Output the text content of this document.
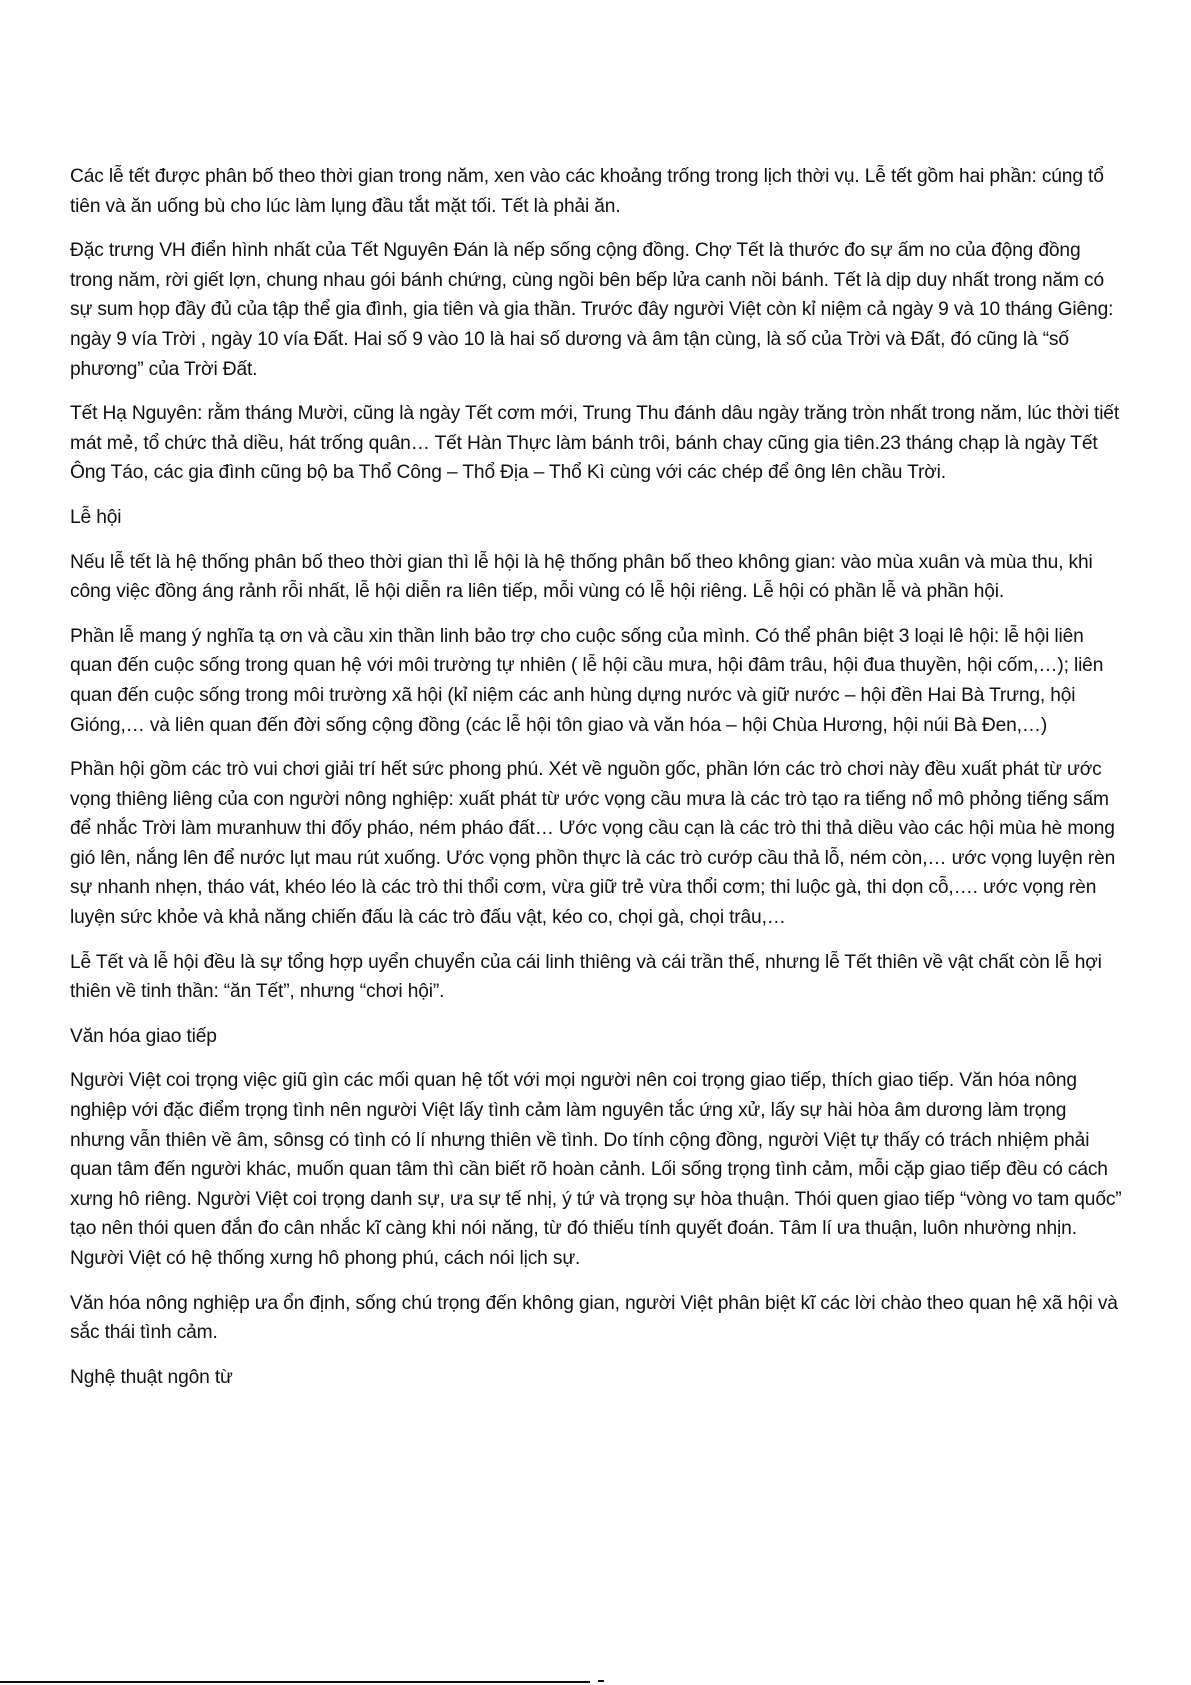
Các lễ tết được phân bố theo thời gian trong năm, xen vào các khoảng trống trong lịch thời vụ. Lễ tết gồm hai phần: cúng tổ tiên và ăn uống bù cho lúc làm lụng đầu tắt mặt tối. Tết là phải ăn.

Đặc trưng VH điển hình nhất của Tết Nguyên Đán là nếp sống cộng đồng. Chợ Tết là thước đo sự ấm no của động đồng trong năm, rời giết lợn, chung nhau gói bánh chứng, cùng ngồi bên bếp lửa canh nồi bánh. Tết là dịp duy nhất trong năm có sự sum họp đầy đủ của tập thể gia đình, gia tiên và gia thần. Trước đây người Việt còn kỉ niệm cả ngày 9 và 10 tháng Giêng: ngày 9 vía Trời , ngày 10 vía Đất. Hai số 9 vào 10 là hai số dương và âm tận cùng, là số của Trời và Đất, đó cũng là “số phương” của Trời Đất.

Tết Hạ Nguyên: rằm tháng Mười, cũng là ngày Tết cơm mới, Trung Thu đánh dâu ngày trăng tròn nhất trong năm, lúc thời tiết mát mẻ, tổ chức thả diều, hát trống quân… Tết Hàn Thực làm bánh trôi, bánh chay cũng gia tiên.23 tháng chạp là ngày Tết Ông Táo, các gia đình cũng bộ ba Thổ Công – Thổ Địa – Thổ Kì cùng với các chép để ông lên chầu Trời.

Lễ hội

Nếu lễ tết là hệ thống phân bố theo thời gian thì lễ hội là hệ thống phân bố theo không gian: vào mùa xuân và mùa thu, khi công việc đồng áng rảnh rỗi nhất, lễ hội diễn ra liên tiếp, mỗi vùng có lễ hội riêng. Lễ hội có phần lễ và phần hội.

Phần lễ mang ý nghĩa tạ ơn và cầu xin thần linh bảo trợ cho cuộc sống của mình. Có thể phân biệt 3 loại lê hội: lễ hội liên quan đến cuộc sống trong quan hệ với môi trường tự nhiên ( lễ hội cầu mưa, hội đâm trâu, hội đua thuyền, hội cốm,…); liên quan đến cuộc sống trong môi trường xã hội (kỉ niệm các anh hùng dựng nước và giữ nước – hội đền Hai Bà Trưng, hội Gióng,… và liên quan đến đời sống cộng đồng (các lễ hội tôn giao và văn hóa – hội Chùa Hương, hội núi Bà Đen,…)

Phần hội gồm các trò vui chơi giải trí hết sức phong phú. Xét về nguồn gốc, phần lớn các trò chơi này đều xuất phát từ ước vọng thiêng liêng của con người nông nghiệp: xuất phát từ ước vọng cầu mưa là các trò tạo ra tiếng nổ mô phỏng tiếng sấm để nhắc Trời làm mưanhuw thi đốy pháo, ném pháo đất… Ước vọng cầu cạn là các trò thi thả diều vào các hội mùa hè mong gió lên, nắng lên để nước lụt mau rút xuống. Ước vọng phồn thực là các trò cướp cầu thả lỗ, ném còn,… ước vọng luyện rèn sự nhanh nhẹn, tháo vát, khéo léo là các trò thi thổi cơm, vừa giữ trẻ vừa thổi cơm; thi luộc gà, thi dọn cỗ,…. ước vọng rèn luyện sức khỏe và khả năng chiến đấu là các trò đấu vật, kéo co, chọi gà, chọi trâu,…

Lễ Tết và lễ hội đều là sự tổng hợp uyển chuyển của cái linh thiêng và cái trần thế, nhưng lễ Tết thiên về vật chất còn lễ hợi thiên về tinh thần: “ăn Tết”, nhưng “chơi hội”.

Văn hóa giao tiếp

Người Việt coi trọng việc giũ gìn các mối quan hệ tốt với mọi người nên coi trọng giao tiếp, thích giao tiếp. Văn hóa nông nghiệp với đặc điểm trọng tình nên người Việt lấy tình cảm làm nguyên tắc ứng xử, lấy sự hài hòa âm dương làm trọng nhưng vẫn thiên về âm, sônsg có tình có lí nhưng thiên về tình. Do tính cộng đồng, người Việt tự thấy có trách nhiệm phải quan tâm đến người khác, muốn quan tâm thì cần biết rõ hoàn cảnh. Lối sống trọng tình cảm, mỗi cặp giao tiếp đều có cách xưng hô riêng. Người Việt coi trọng danh sự, ưa sự tế nhị, ý tứ và trọng sự hòa thuận. Thói quen giao tiếp “vòng vo tam quốc” tạo nên thói quen đắn đo cân nhắc kĩ càng khi nói năng, từ đó thiếu tính quyết đoán. Tâm lí ưa thuận, luôn nhường nhịn. Người Việt có hệ thống xưng hô phong phú, cách nói lịch sự.

Văn hóa nông nghiệp ưa ổn định, sống chú trọng đến không gian, người Việt phân biệt kĩ các lời chào theo quan hệ xã hội và sắc thái tình cảm.

Nghệ thuật ngôn từ
